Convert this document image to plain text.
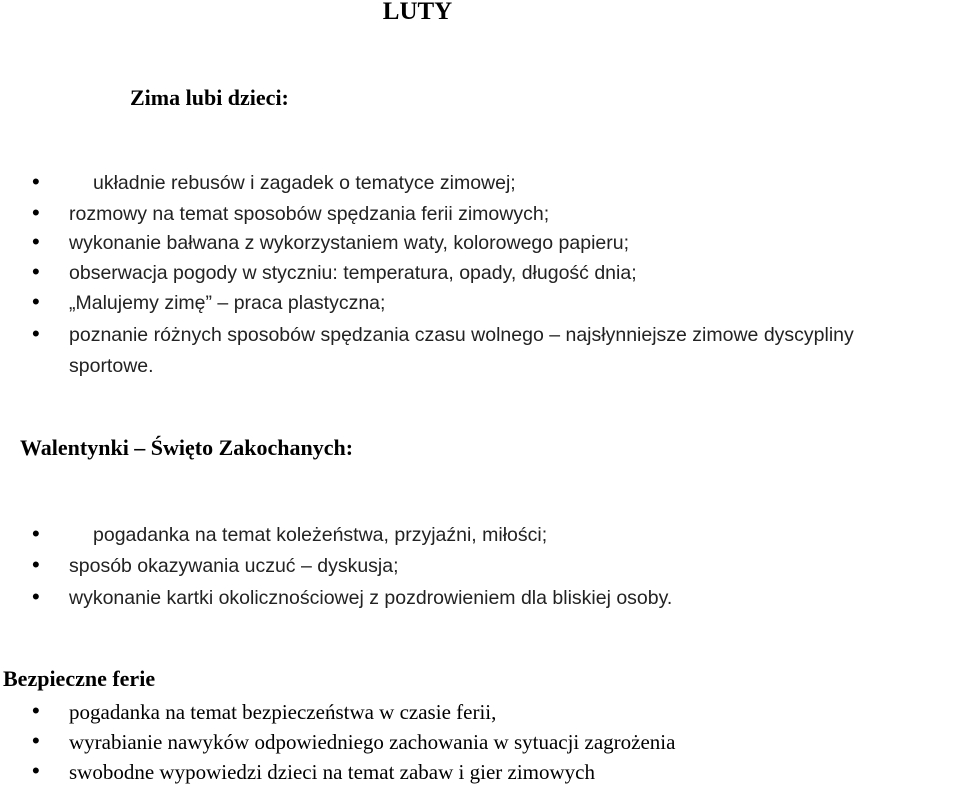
LUTY
Zima lubi dzieci:
•	układnie rebusów i zagadek o tematyce zimowej;
• rozmowy na temat sposobów spędzania ferii zimowych;
• wykonanie bałwana z wykorzystaniem waty, kolorowego papieru;
• obserwacja pogody w styczniu: temperatura, opady, długość dnia;
• „Malujemy zimę” – praca plastyczna;
• poznanie różnych sposobów spędzania czasu wolnego – najsłynniejsze zimowe dyscypliny
sportowe.
Walentynki – Święto Zakochanych:
•	pogadanka na temat koleżeństwa, przyjaźni, miłości;
• sposób okazywania uczuć – dyskusja;
• wykonanie kartki okolicznościowej z pozdrowieniem dla bliskiej osoby.
Bezpieczne ferie
• pogadanka na temat bezpieczeństwa w czasie ferii,
• wyrabianie nawyków odpowiedniego zachowania w sytuacji zagrożenia
• swobodne wypowiedzi dzieci na temat zabaw i gier zimowych
